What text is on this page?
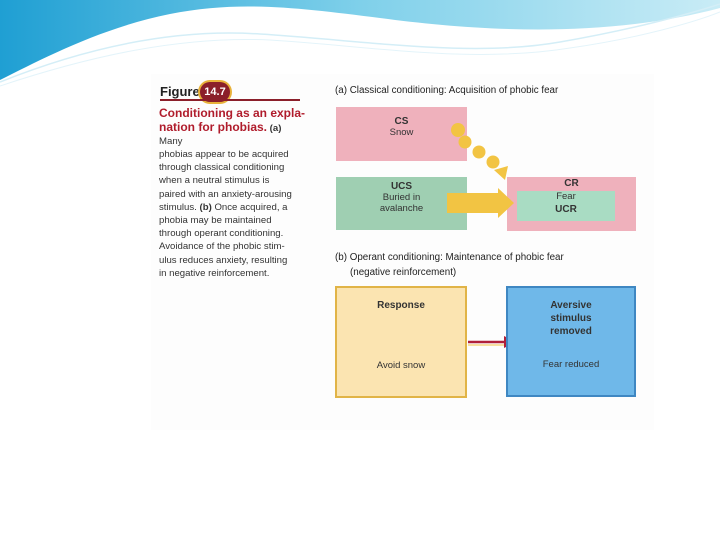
Figure 14.7
Conditioning as an expla-
nation for phobias. (a) Many
phobias appear to be acquired
through classical conditioning
when a neutral stimulus is
paired with an anxiety-arousing
stimulus. (b) Once acquired, a
phobia may be maintained
through operant conditioning.
Avoidance of the phobic stim-
ulus reduces anxiety, resulting
in negative reinforcement.
(a) Classical conditioning: Acquisition of phobic fear
CS
Snow
UCS
Buried in
avalanche
CR
Fear
UCR
(b) Operant conditioning: Maintenance of phobic fear
(negative reinforcement)
Response
Avoid snow
Aversive
stimulus
removed
Fear reduced
